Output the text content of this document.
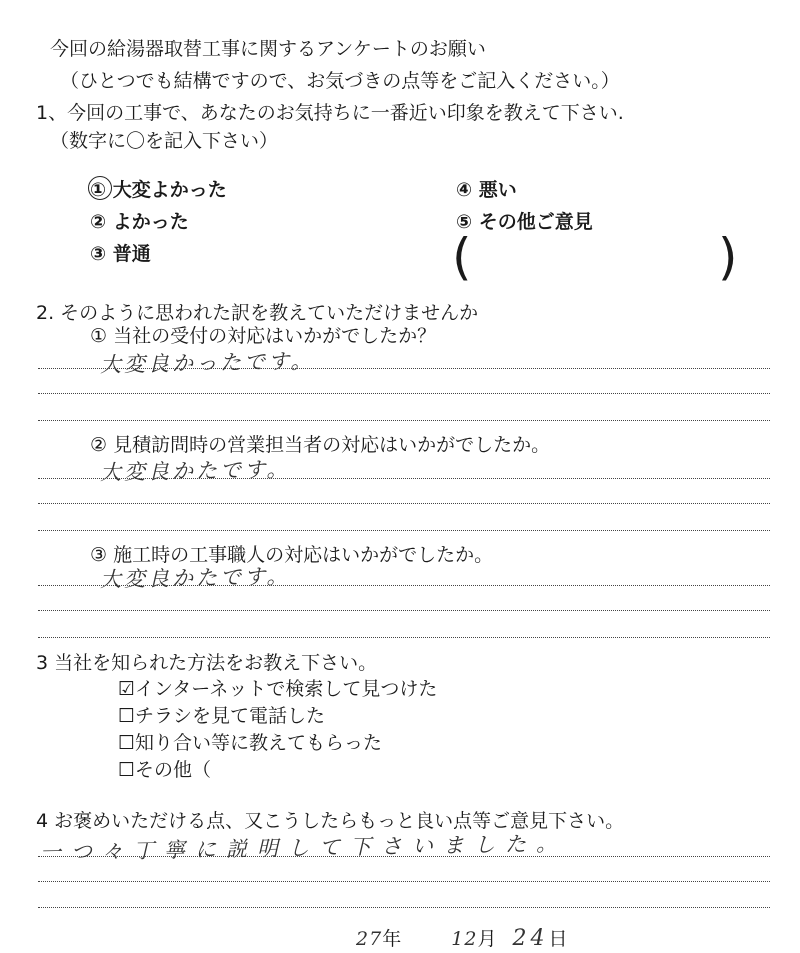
今回の給湯器取替工事に関するアンケートのお願い
（ひとつでも結構ですので、お気づきの点等をご記入ください。）
1、今回の工事で、あなたのお気持ちに一番近い印象を教えて下さい.
（数字に〇を記入下さい）
① 大変よかった
② よかった
③ 普通
④ 悪い
⑤ その他ご意見
(	)
2. そのように思われた訳を教えていただけませんか
① 当社の受付の対応はいかがでしたか？
大変良かったです。
② 見積訪問時の営業担当者の対応はいかがでしたか。
大変良かたです。
③ 施工時の工事職人の対応はいかがでしたか。
大変良かたです。
3 当社を知られた方法をお教え下さい。
☑インターネットで検索して見つけた
☐チラシを見て電話した
☐知り合い等に教えてもらった
☐その他（
4 お褒めいただける点、又こうしたらもっと良い点等ご意見下さい。
一つ々丁寧に説明して下さいました。
27年	12月 24日
